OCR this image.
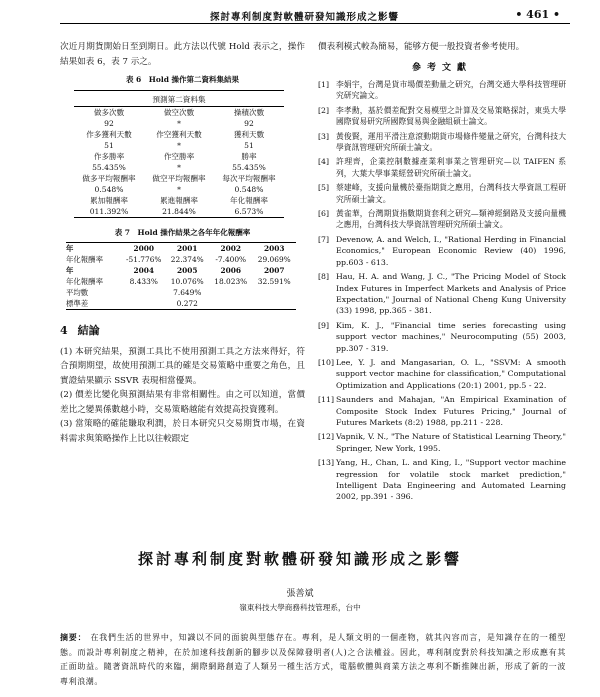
探討專利制度對軟體研發知識形成之影響	• 461 •

次近月期貨開始日至到期日。此方法以代號 Hold 表示之，操作結果如表 6，表 7 示之。

表 6　Hold 操作第二資料集結果
預測第二資料集
做多次數	做空次數	操積次數
92	*	92
作多獲利天數	作空獲利天數	獲利天數
51	*	51
作多勝率	作空勝率	勝率
55.435%	*	55.435%
做多平均報酬率	做空平均報酬率	每次平均報酬率
0.548%	*	0.548%
累加報酬率	累進報酬率	年化報酬率
011.392%	21.844%	6.573%
表 7　Hold 操作結果之各年年化報酬率
年	2000	2001	2002	2003
年化報酬率	-51.776%	22.374%	-7.400%	29.069%
年	2004	2005	2006	2007
年化報酬率	8.433%	10.076%	18.023%	32.591%
平均數	7.649%
標準差	0.272
4 結論

(1) 本研究結果，預測工具比不使用預測工具之方法來得好，符合預期期望，故使用預測工具的確是交易策略中重要之角色，且實證結果顯示 SSVR 表現相當優異。

(2) 價差比變化與預測結果有非常相關性。由之可以知道，當價差比之變異係數越小時，交易策略越能有效提高投資獲利。

(3) 當策略的確能賺取利潤，於日本研究只交易期貨市場，在資料需求與策略操作上比以往較跟定

價表利模式較為簡易，能够方便一般投資者參考使用。

參考文獻
[1] 李娟宇，台灣是貨市場價差動量之研究，台灣交通大學科技管理研究研究論文。
[2] 李孝勳，基於價差配對交易模型之計算及交易策略探討，東吳大學國際貿易研究所國際貿易與金融組碩士論文。
[3] 黃俊賢，運用平滑注意滾動期貨市場條件變量之研究，台灣科技大學資訊管理研究所碩士論文。
[4] 許理齊，企業控制數據產業利事業之管理研究—以 TAIFEN 系列，大葉大學事業經營研究所碩士論文。
[5] 蔡建峰，支援向量機於臺指期貨之應用，台灣科技大學資訊工程研究所碩士論文。
[6] 黃雀華，台灣期貨指數期貨套利之研究—類神經網路及支援向量機之應用，台灣科技大學資訊管理研究所碩士論文。
[7] Devenow, A. and Welch, I., "Rational Herding in Financial Economics," European Economic Review (40) 1996, pp.603 - 613.
[8] Hau, H. A. and Wang, J. C., "The Pricing Model of Stock Index Futures in Imperfect Markets and Analysis of Price Expectation," Journal of National Cheng Kung University (33) 1998, pp.365 - 381.
[9] Kim, K. J., "Financial time series forecasting using support vector machines," Neurocomputing (55) 2003, pp.307 - 319.
[10] Lee, Y. J. and Mangasarian, O. L., "SSVM: A smooth support vector machine for classification," Computational Optimization and Applications (20:1) 2001, pp.5 - 22.
[11] Saunders and Mahajan, "An Empirical Examination of Composite Stock Index Futures Pricing," Journal of Futures Markets (8:2) 1988, pp.211 - 228.
[12] Vapnik, V. N., "The Nature of Statistical Learning Theory," Springer, New York, 1995.
[13] Yang, H., Chan, L. and King, I., "Support vector machine regression for volatile stock market prediction," Intelligent Data Engineering and Automated Learning 2002, pp.391 - 396.
探討專利制度對軟體研發知識形成之影響
張善斌
嶺東科技大學商務科技管理系，台中
摘要： 在我們生活的世界中，知識以不同的面貌與型態存在。專利，是人類文明的一個產物，就其內容而言，是知識存在的一種型態。而設計專利制度之精神，在於加速科技創新的腳步以及保障發明者(人)之合法權益。因此，專利制度對於科技知識之形成應有其正面助益。隨著資訊時代的來臨，網際網路創造了人類另一種生活方式，電腦軟體與商業方法之專利不斷推陳出新，形成了新的一波專利浪潮。
